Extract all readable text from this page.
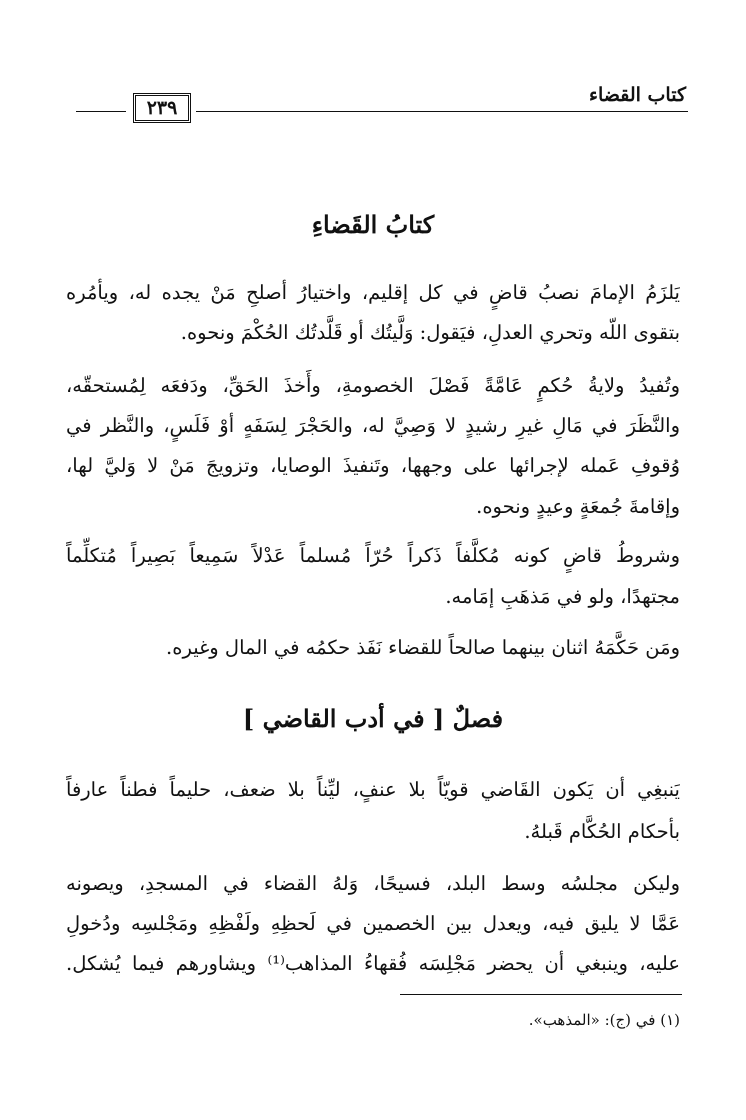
كتاب القضاء
٢٣٩
كتابُ القَضاءِ
يَلزَمُ الإمامَ نصبُ قاضٍ في كل إقليم، واختيارُ أصلحِ مَنْ يجده له، ويأمُره
بتقوى اللّه وتحري العدلِ، فيَقول: وَلَّيتُك أو قَلَّدتُك الحُكْمَ ونحوه.
وتُفيدُ ولايةُ حُكمٍ عَامَّةً فَصْلَ الخصومةِ، وأَخذَ الحَقِّ، ودَفعَه لِمُستحقّه،
والنَّظَرَ في مَالِ غيرِ رشيدٍ لا وَصِيَّ له، والحَجْرَ لِسَفَهٍ أوْ فَلَسٍ، والنَّظر في
وُقوفِ عَمله لإجرائها على وجهها، وتَنفيذَ الوصايا، وتزويجَ مَنْ لا وَليَّ لها،
وإقامةَ جُمعَةٍ وعيدٍ ونحوه.
وشروطُ قاضٍ كونه مُكلَّفاً ذَكراً حُرّاً مُسلماً عَدْلاً سَمِيعاً بَصِيراً مُتكلِّماً
مجتهدًا، ولو في مَذهَبِ إمَامه.
ومَن حَكَّمَهُ اثنان بينهما صالحاً للقضاء نَفَذ حكمُه في المال وغيره.
فصلٌ [ في أدب القاضي ]
يَنبغِي أن يَكون القَاضي قويّاً بلا عنفٍ، ليِّناً بلا ضعف، حليماً فطناً عارفاً
بأحكام الحُكَّام قَبلهُ.
وليكن مجلسُه وسط البلد، فسيحًا، وَلهُ القضاء في المسجدِ، ويصونه
عَمَّا لا يليق فيه، ويعدل بين الخصمين في لَحظِهِ ولَفْظِهِ ومَجْلسِه ودُخولِ
عليه، وينبغي أن يحضر مَجْلِسَه فُقهاءُ المذاهب⁽¹⁾ ويشاورهم فيما يُشكل.
(١) في (ج): «المذهب».
